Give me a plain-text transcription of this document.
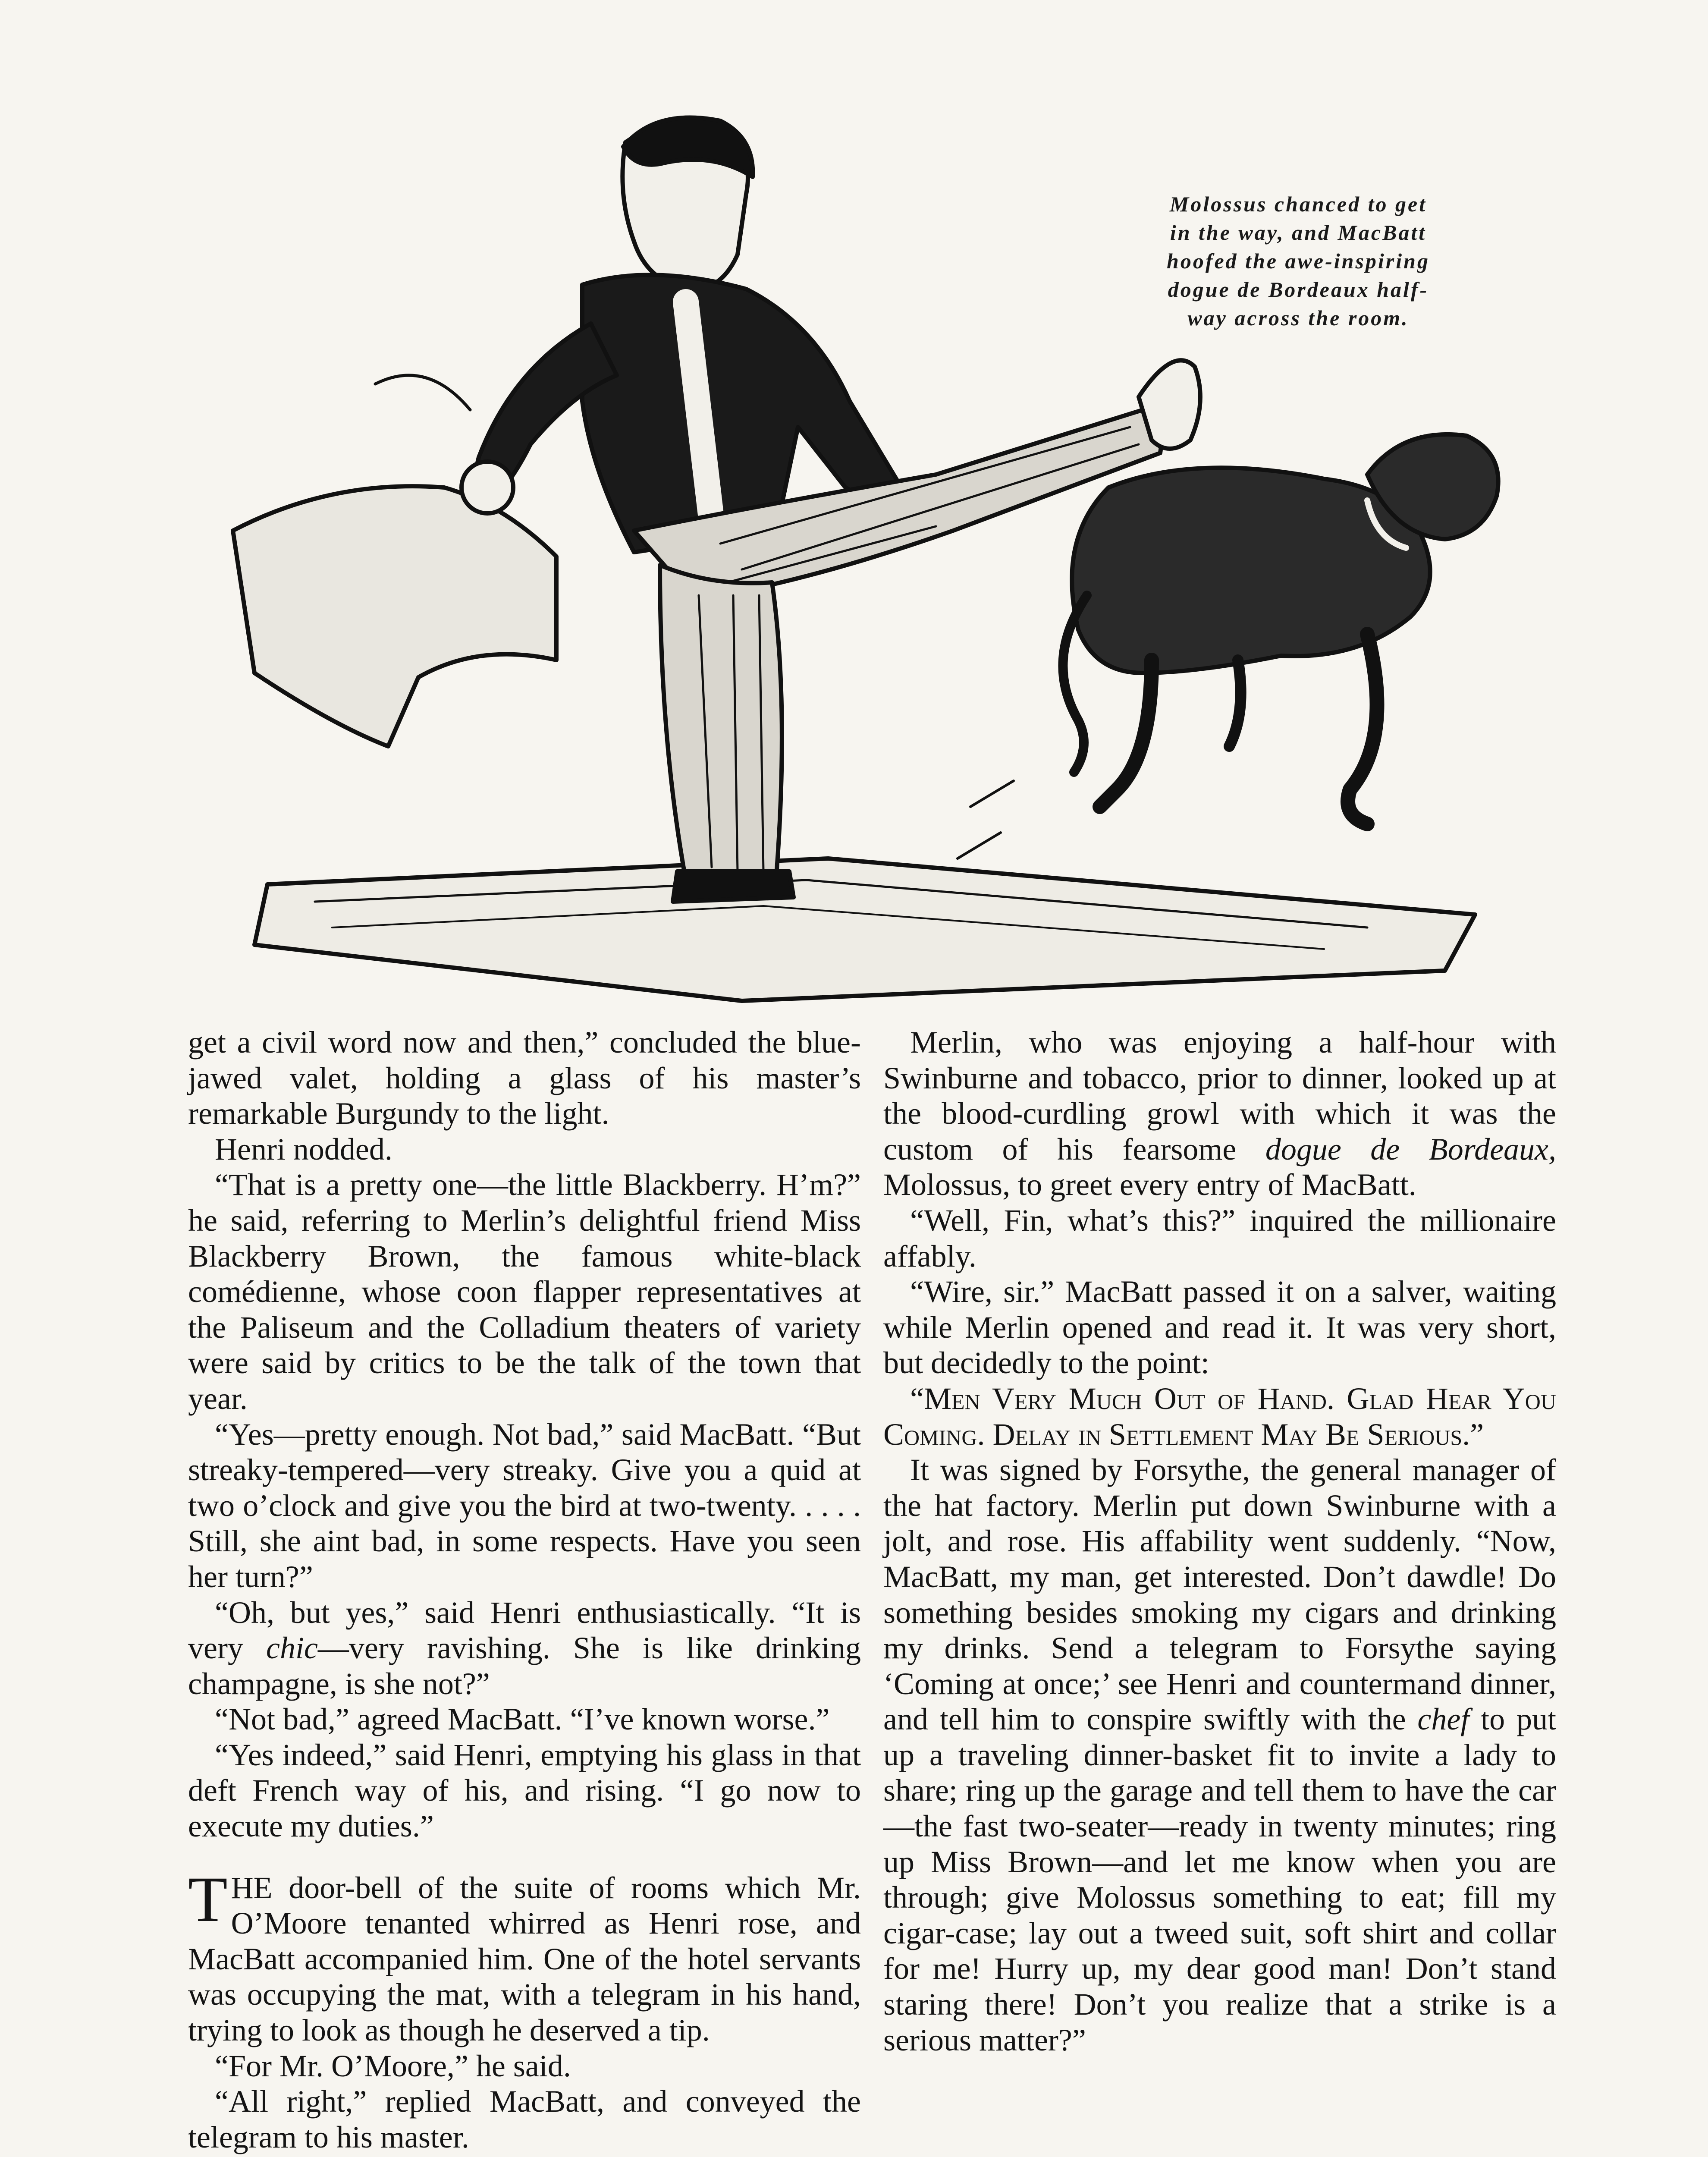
Molossus chanced to get
in the way, and MacBatt
hoofed the awe-inspiring
dogue de Bordeaux half-
way across the room.

get a civil word now and then,” concluded the blue-jawed valet, holding a glass of his master’s remarkable Burgundy to the light.

Henri nodded.

“That is a pretty one—the little Blackberry. H’m?” he said, referring to Merlin’s delightful friend Miss Blackberry Brown, the famous white-black comédienne, whose coon flapper representatives at the Paliseum and the Colladium theaters of variety were said by critics to be the talk of the town that year.

“Yes—pretty enough. Not bad,” said MacBatt. “But streaky-tempered—very streaky. Give you a quid at two o’clock and give you the bird at two-twenty. . . . . Still, she aint bad, in some respects. Have you seen her turn?”

“Oh, but yes,” said Henri enthusiastically. “It is very chic—very ravishing. She is like drinking champagne, is she not?”

“Not bad,” agreed MacBatt. “I’ve known worse.”

“Yes indeed,” said Henri, emptying his glass in that deft French way of his, and rising. “I go now to execute my duties.”

THE door-bell of the suite of rooms which Mr. O’Moore tenanted whirred as Henri rose, and MacBatt accompanied him. One of the hotel servants was occupying the mat, with a telegram in his hand, trying to look as though he deserved a tip.

“For Mr. O’Moore,” he said.

“All right,” replied MacBatt, and conveyed the telegram to his master.

Merlin, who was enjoying a half-hour with Swinburne and tobacco, prior to dinner, looked up at the blood-curdling growl with which it was the custom of his fearsome dogue de Bordeaux, Molossus, to greet every entry of MacBatt.

“Well, Fin, what’s this?” inquired the millionaire affably.

“Wire, sir.” MacBatt passed it on a salver, waiting while Merlin opened and read it. It was very short, but decidedly to the point:

“Men Very Much Out of Hand. Glad Hear You Coming. Delay in Settlement May Be Serious.”

It was signed by Forsythe, the general manager of the hat factory. Merlin put down Swinburne with a jolt, and rose. His affability went suddenly. “Now, MacBatt, my man, get interested. Don’t dawdle! Do something besides smoking my cigars and drinking my drinks. Send a telegram to Forsythe saying ‘Coming at once;’ see Henri and countermand dinner, and tell him to conspire swiftly with the chef to put up a traveling dinner-basket fit to invite a lady to share; ring up the garage and tell them to have the car—the fast two-seater—ready in twenty minutes; ring up Miss Brown—and let me know when you are through; give Molossus something to eat; fill my cigar-case; lay out a tweed suit, soft shirt and collar for me! Hurry up, my dear good man! Don’t stand staring there! Don’t you realize that a strike is a serious matter?”
